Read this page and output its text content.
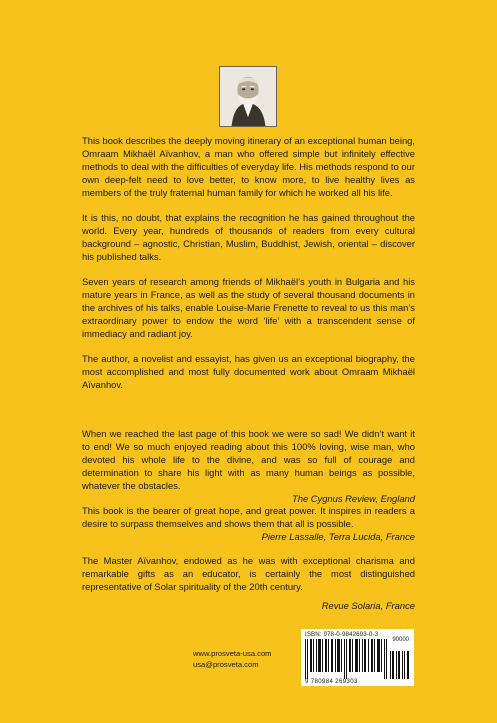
This book describes the deeply moving itinerary of an exceptional human being, Omraam Mikhaël Aïvanhov, a man who offered simple but infinitely effective methods to deal with the difficulties of everyday life. His methods respond to our own deep-felt need to love better, to know more, to live healthy lives as members of the truly fraternal human family for which he worked all his life.

It is this, no doubt, that explains the recognition he has gained throughout the world. Every year, hundreds of thousands of readers from every cultural background – agnostic, Christian, Muslim, Buddhist, Jewish, oriental – discover his published talks.

Seven years of research among friends of Mikhaël’s youth in Bulgaria and his mature years in France, as well as the study of several thousand documents in the archives of his talks, enable Louise-Marie Frenette to reveal to us this man’s extraordinary power to endow the word ‘life’ with a transcendent sense of immediacy and radiant joy.

The author, a novelist and essayist, has given us an exceptional biography, the most accomplished and most fully documented work about Omraam Mikhaël Aïvanhov.

When we reached the last page of this book we were so sad! We didn’t want it to end! We so much enjoyed reading about this 100% loving, wise man, who devoted his whole life to the divine, and was so full of courage and determination to share his light with as many human beings as possible, whatever the obstacles.
The Cygnus Review, England
This book is the bearer of great hope, and great power. It inspires in readers a desire to surpass themselves and shows them that all is possible.
Pierre Lassalle, Terra Lucida, France
The Master Aïvanhov, endowed as he was with exceptional charisma and remarkable gifts as an educator, is certainly the most distinguished representative of Solar spirituality of the 20th century.
Revue Solaria, France
ISBN: 978-0-9842693-0-3
90000
9 780984 269303
www.prosveta-usa.com
usa@prosveta.com
